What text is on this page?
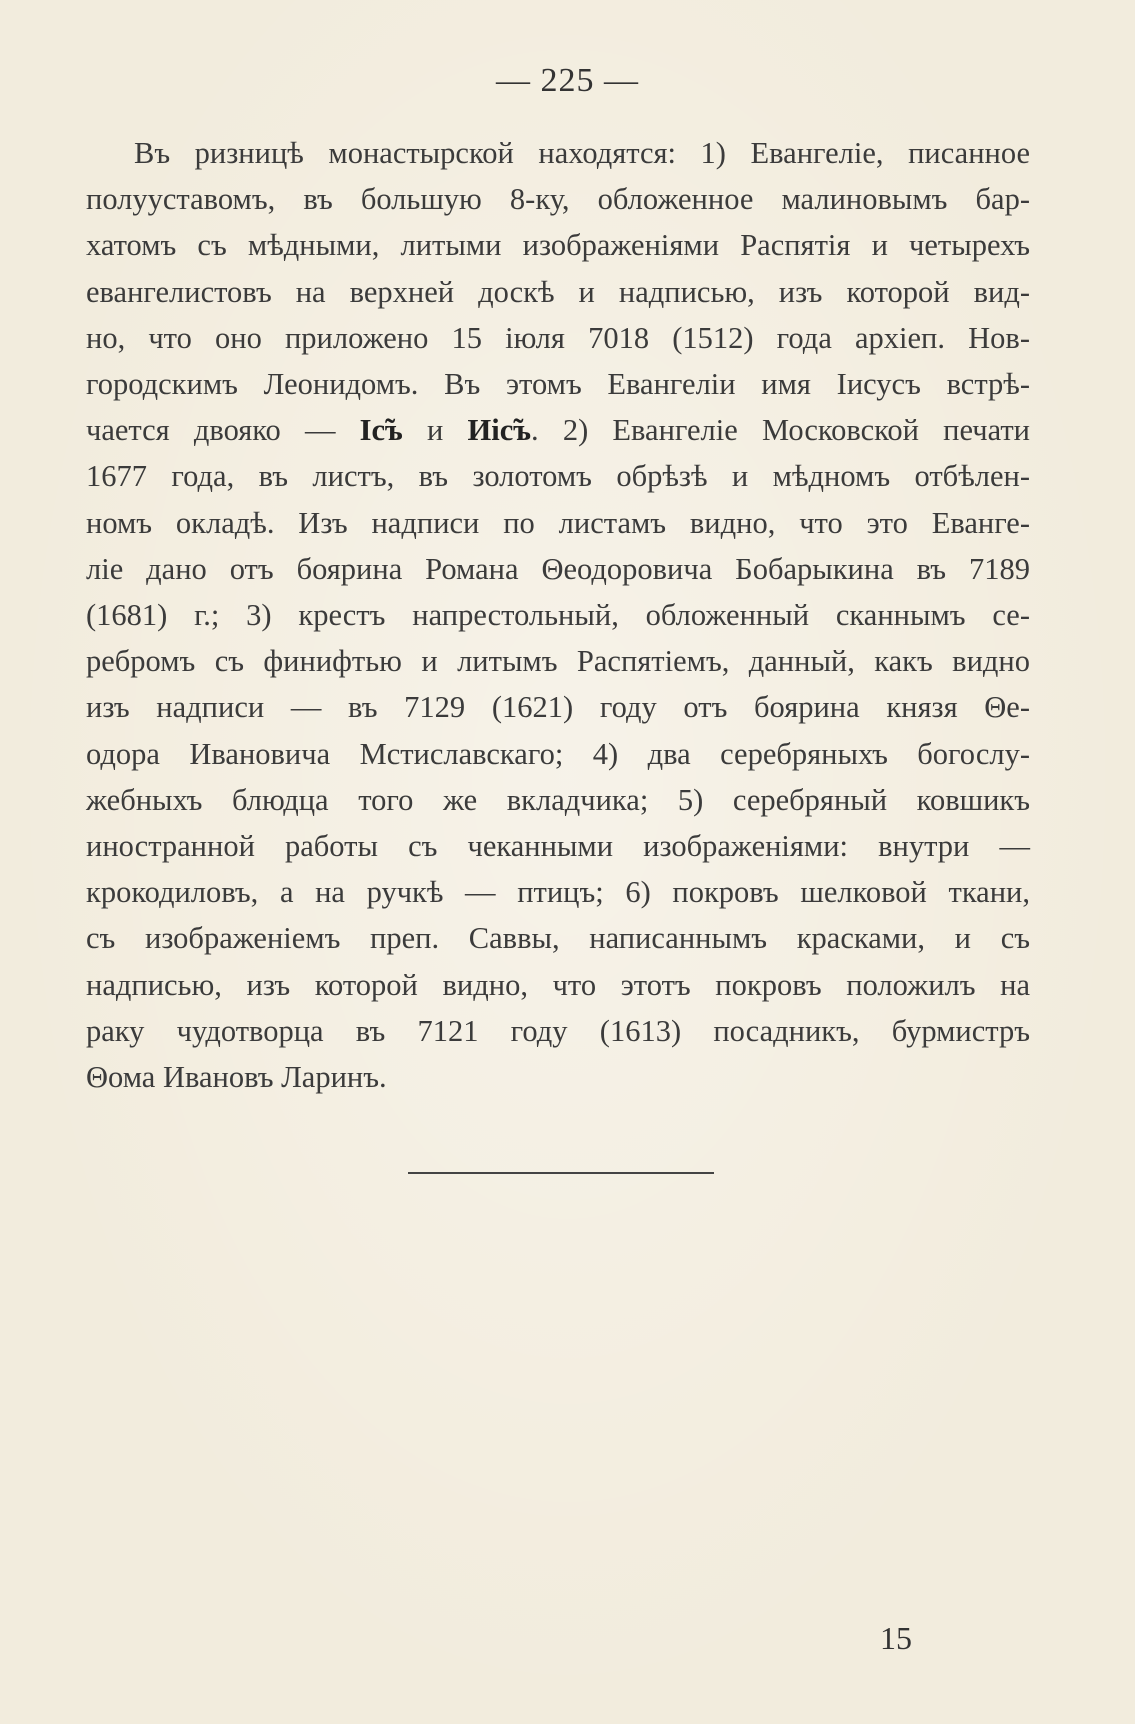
— 225 —
Въ ризницѣ монастырской находятся: 1) Евангеліе, писанное
полууставомъ, въ большую 8-ку, обложенное малиновымъ бар-
хатомъ съ мѣдными, литыми изображеніями Распятія и четырехъ
евангелистовъ на верхней доскѣ и надписью, изъ которой вид-
но, что оно приложено 15 іюля 7018 (1512) года архіеп. Нов-
городскимъ Леонидомъ. Въ этомъ Евангеліи имя Іисусъ встрѣ-
чается двояко — Іс̃ъ и Иіс̃ъ. 2) Евангеліе Московской печати
1677 года, въ листъ, въ золотомъ обрѣзѣ и мѣдномъ отбѣлен-
номъ окладѣ. Изъ надписи по листамъ видно, что это Еванге-
ліе дано отъ боярина Романа Θеодоровича Бобарыкина въ 7189
(1681) г.; 3) крестъ напрестольный, обложенный сканнымъ се-
ребромъ съ финифтью и литымъ Распятіемъ, данный, какъ видно
изъ надписи — въ 7129 (1621) году отъ боярина князя Θе-
одора Ивановича Мстиславскаго; 4) два серебряныхъ богослу-
жебныхъ блюдца того же вкладчика; 5) серебряный ковшикъ
иностранной работы съ чеканными изображеніями: внутри —
крокодиловъ, а на ручкѣ — птицъ; 6) покровъ шелковой ткани,
съ изображеніемъ преп. Саввы, написаннымъ красками, и съ
надписью, изъ которой видно, что этотъ покровъ положилъ на
раку чудотворца въ 7121 году (1613) посадникъ, бурмистръ
Θома Ивановъ Ларинъ.
15
